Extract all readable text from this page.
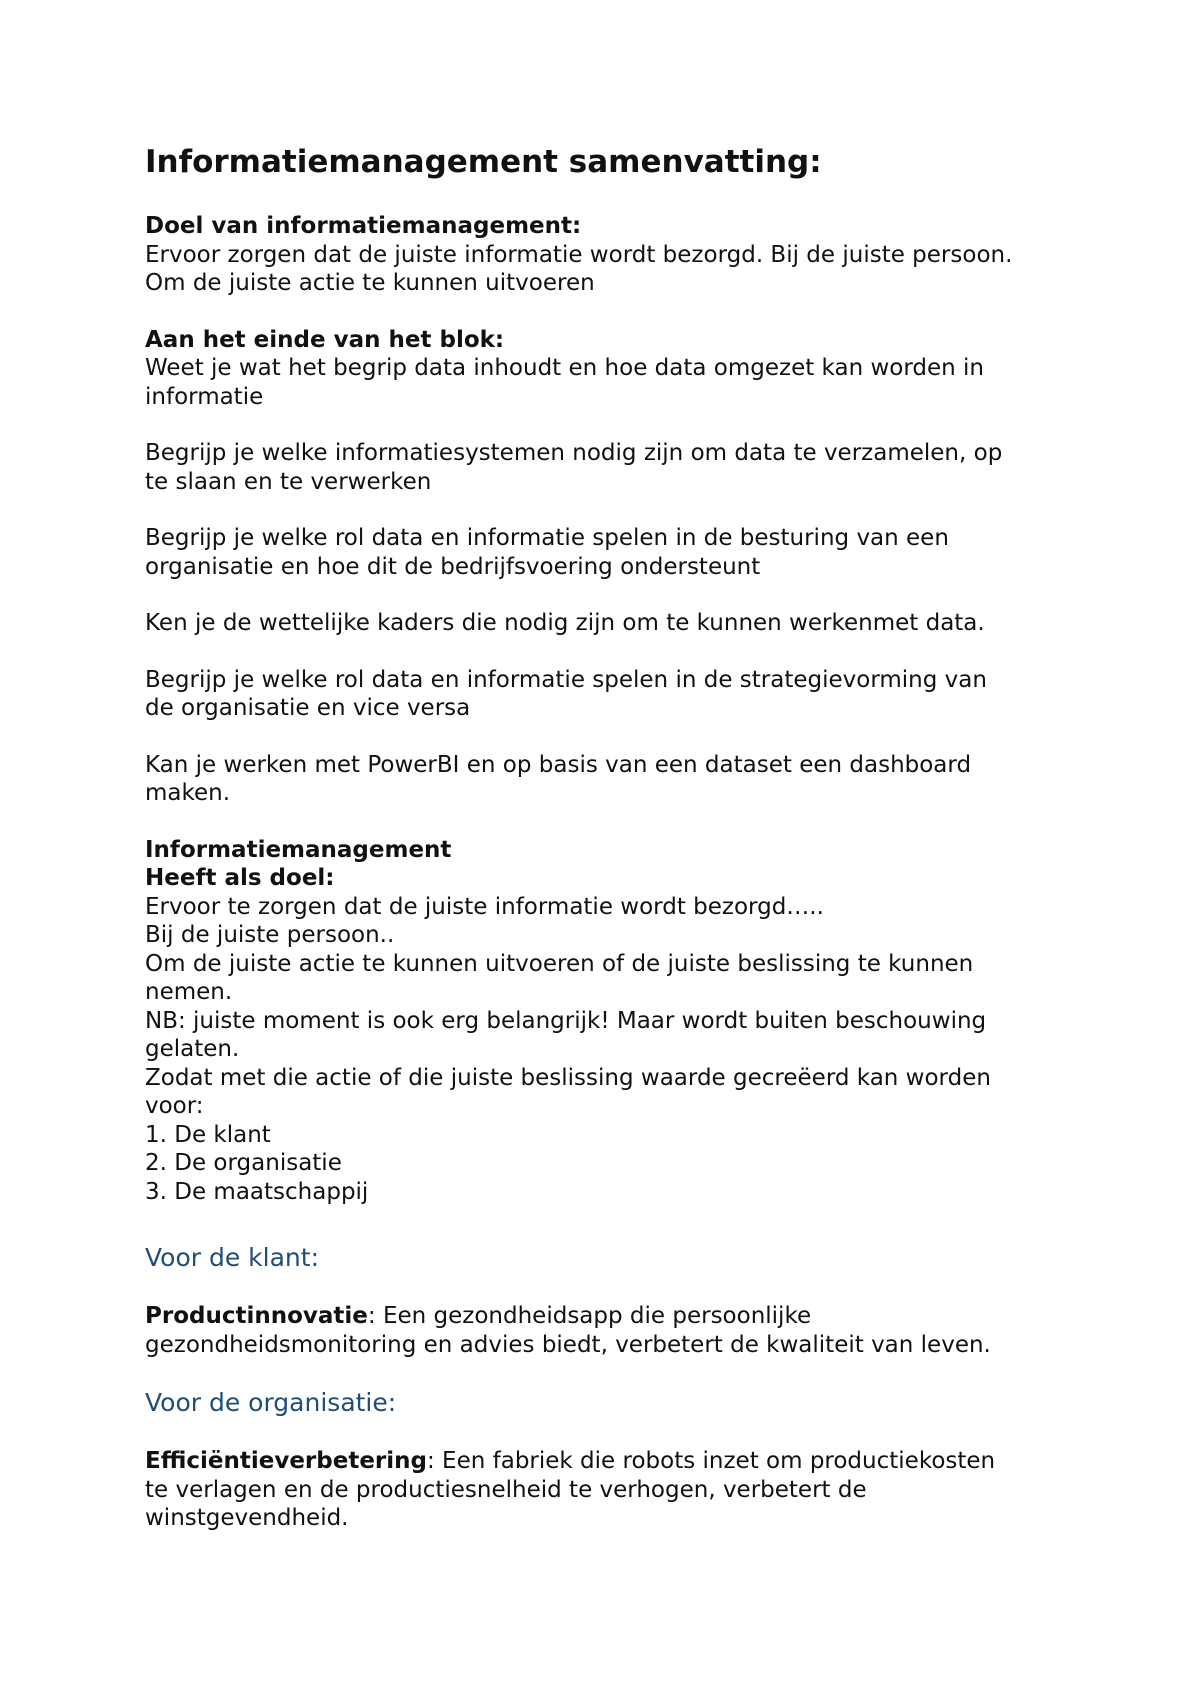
Informatiemanagement samenvatting:
Doel van informatiemanagement:
Ervoor zorgen dat de juiste informatie wordt bezorgd. Bij de juiste persoon.
Om de juiste actie te kunnen uitvoeren
Aan het einde van het blok:
Weet je wat het begrip data inhoudt en hoe data omgezet kan worden in
informatie
Begrijp je welke informatiesystemen nodig zijn om data te verzamelen, op
te slaan en te verwerken
Begrijp je welke rol data en informatie spelen in de besturing van een
organisatie en hoe dit de bedrijfsvoering ondersteunt
Ken je de wettelijke kaders die nodig zijn om te kunnen werkenmet data.
Begrijp je welke rol data en informatie spelen in de strategievorming van
de organisatie en vice versa
Kan je werken met PowerBI en op basis van een dataset een dashboard
maken.
Informatiemanagement
Heeft als doel:
Ervoor te zorgen dat de juiste informatie wordt bezorgd…..
Bij de juiste persoon..
Om de juiste actie te kunnen uitvoeren of de juiste beslissing te kunnen
nemen.
NB: juiste moment is ook erg belangrijk! Maar wordt buiten beschouwing
gelaten.
Zodat met die actie of die juiste beslissing waarde gecreëerd kan worden
voor:
1. De klant
2. De organisatie
3. De maatschappij
Voor de klant:
Productinnovatie: Een gezondheidsapp die persoonlijke
gezondheidsmonitoring en advies biedt, verbetert de kwaliteit van leven.
Voor de organisatie:
Efficiëntieverbetering: Een fabriek die robots inzet om productiekosten
te verlagen en de productiesnelheid te verhogen, verbetert de
winstgevendheid.
